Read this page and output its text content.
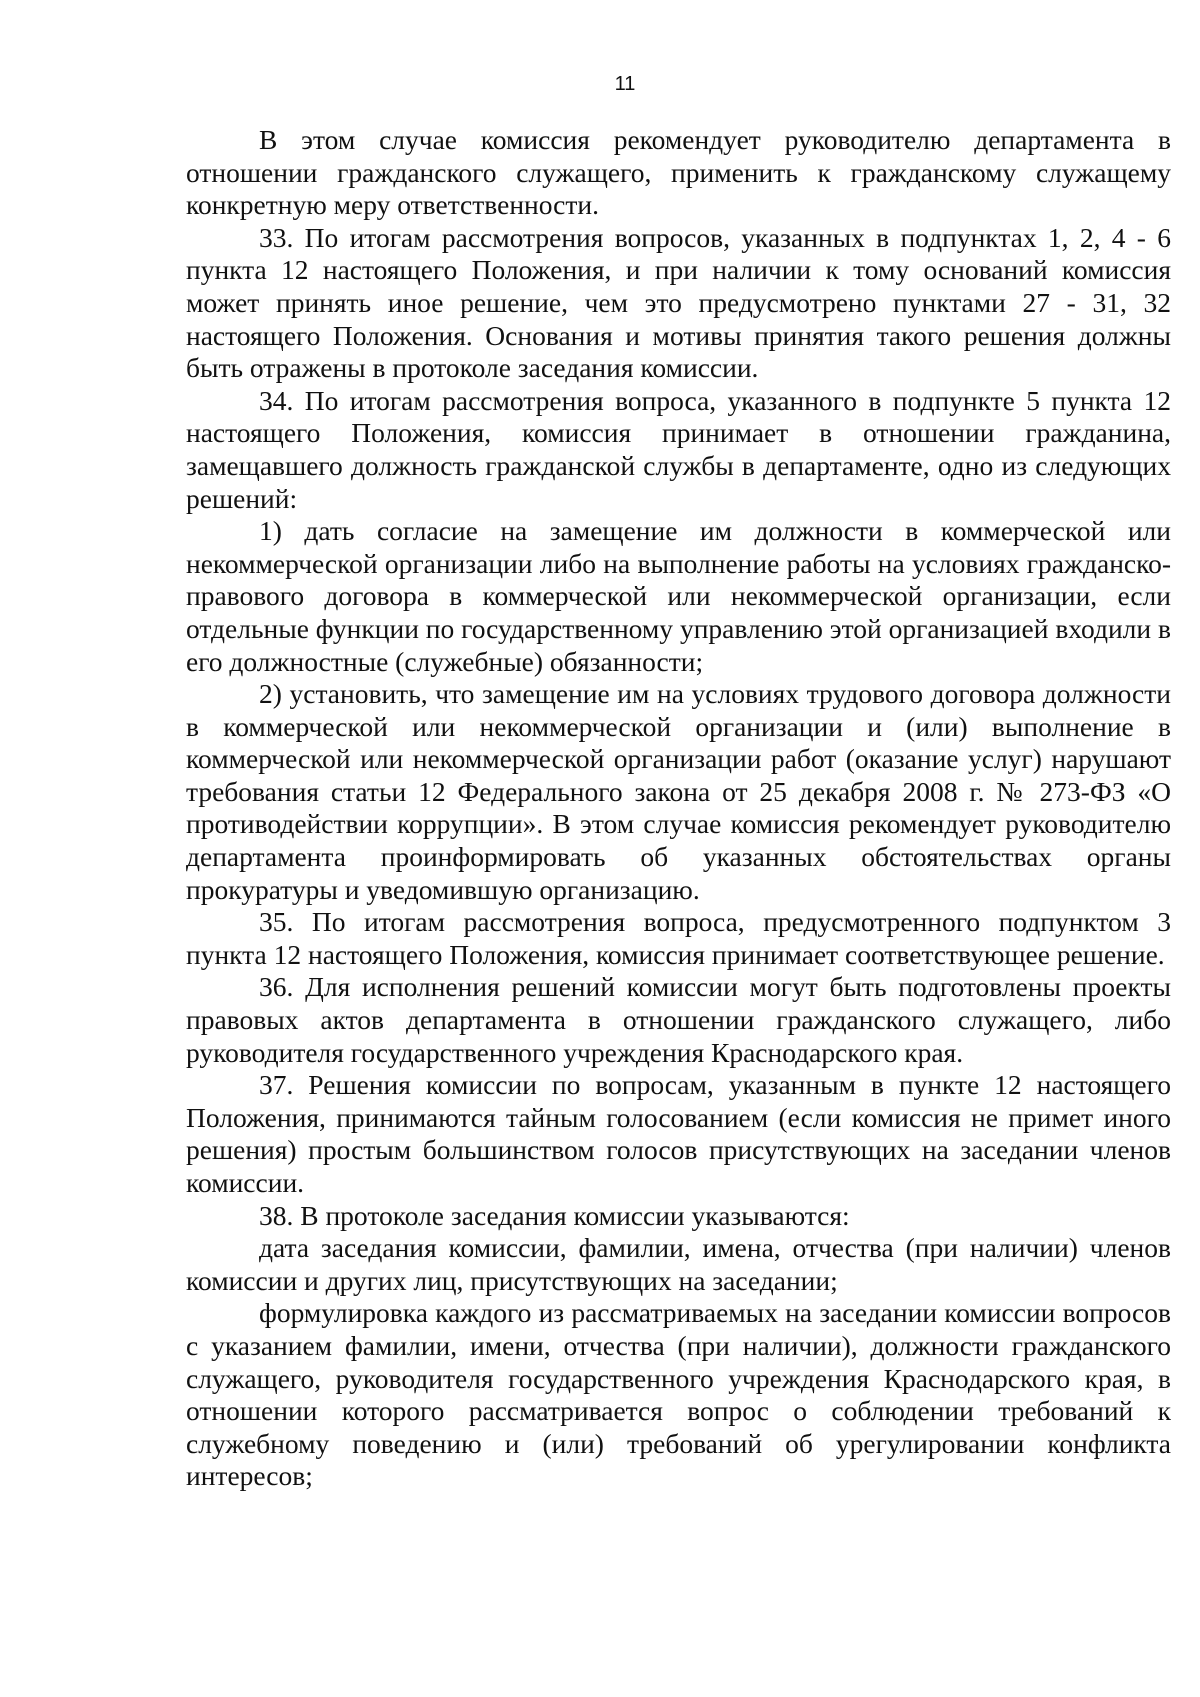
11

В этом случае комиссия рекомендует руководителю департамента в отношении гражданского служащего, применить к гражданскому служащему конкретную меру ответственности.

33. По итогам рассмотрения вопросов, указанных в подпунктах 1, 2, 4 - 6 пункта 12 настоящего Положения, и при наличии к тому оснований комиссия может принять иное решение, чем это предусмотрено пунктами 27 - 31, 32 настоящего Положения. Основания и мотивы принятия такого решения должны быть отражены в протоколе заседания комиссии.

34. По итогам рассмотрения вопроса, указанного в подпункте 5 пункта 12 настоящего Положения, комиссия принимает в отношении гражданина, замещавшего должность гражданской службы в департаменте, одно из следующих решений:

1) дать согласие на замещение им должности в коммерческой или некоммерческой организации либо на выполнение работы на условиях гражданско-правового договора в коммерческой или некоммерческой организации, если отдельные функции по государственному управлению этой организацией входили в его должностные (служебные) обязанности;

2) установить, что замещение им на условиях трудового договора должности в коммерческой или некоммерческой организации и (или) выполнение в коммерческой или некоммерческой организации работ (оказание услуг) нарушают требования статьи 12 Федерального закона от 25 декабря 2008 г. № 273-ФЗ «О противодействии коррупции». В этом случае комиссия рекомендует руководителю департамента проинформировать об указанных обстоятельствах органы прокуратуры и уведомившую организацию.

35. По итогам рассмотрения вопроса, предусмотренного подпунктом 3 пункта 12 настоящего Положения, комиссия принимает соответствующее решение.

36. Для исполнения решений комиссии могут быть подготовлены проекты правовых актов департамента в отношении гражданского служащего, либо руководителя государственного учреждения Краснодарского края.

37. Решения комиссии по вопросам, указанным в пункте 12 настоящего Положения, принимаются тайным голосованием (если комиссия не примет иного решения) простым большинством голосов присутствующих на заседании членов комиссии.

38. В протоколе заседания комиссии указываются:

дата заседания комиссии, фамилии, имена, отчества (при наличии) членов комиссии и других лиц, присутствующих на заседании;

формулировка каждого из рассматриваемых на заседании комиссии вопросов с указанием фамилии, имени, отчества (при наличии), должности гражданского служащего, руководителя государственного учреждения Краснодарского края, в отношении которого рассматривается вопрос о соблюдении требований к служебному поведению и (или) требований об урегулировании конфликта интересов;
